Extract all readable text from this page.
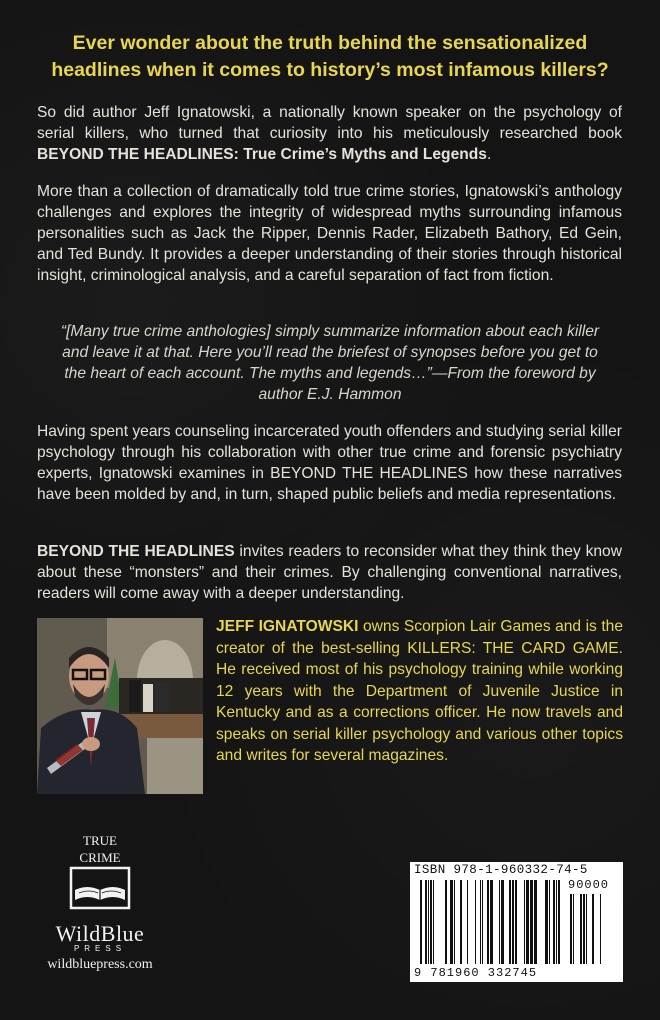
Ever wonder about the truth behind the sensationalized
headlines when it comes to history’s most infamous killers?
So did author Jeff Ignatowski, a nationally known speaker on the psychology of serial killers, who turned that curiosity into his meticulously researched book BEYOND THE HEADLINES: True Crime’s Myths and Legends.
More than a collection of dramatically told true crime stories, Ignatowski’s anthology challenges and explores the integrity of widespread myths surrounding infamous personalities such as Jack the Ripper, Dennis Rader, Elizabeth Bathory, Ed Gein, and Ted Bundy. It provides a deeper understanding of their stories through historical insight, criminological analysis, and a careful separation of fact from fiction.
“[Many true crime anthologies] simply summarize information about each killer and leave it at that. Here you’ll read the briefest of synopses before you get to the heart of each account. The myths and legends…”—From the foreword by author E.J. Hammon
Having spent years counseling incarcerated youth offenders and studying serial killer psychology through his collaboration with other true crime and forensic psychiatry experts, Ignatowski examines in BEYOND THE HEADLINES how these narratives have been molded by and, in turn, shaped public beliefs and media representations.
BEYOND THE HEADLINES invites readers to reconsider what they think they know about these “monsters” and their crimes. By challenging conventional narratives, readers will come away with a deeper understanding.
JEFF IGNATOWSKI owns Scorpion Lair Games and is the creator of the best-selling KILLERS: THE CARD GAME. He received most of his psychology training while working 12 years with the Department of Juvenile Justice in Kentucky and as a corrections officer. He now travels and speaks on serial killer psychology and various other topics and writes for several magazines.
TRUE CRIME
WildBlue
PRESS
wildbluepress.com
ISBN 978-1-960332-74-5
90000
9 781960 332745
